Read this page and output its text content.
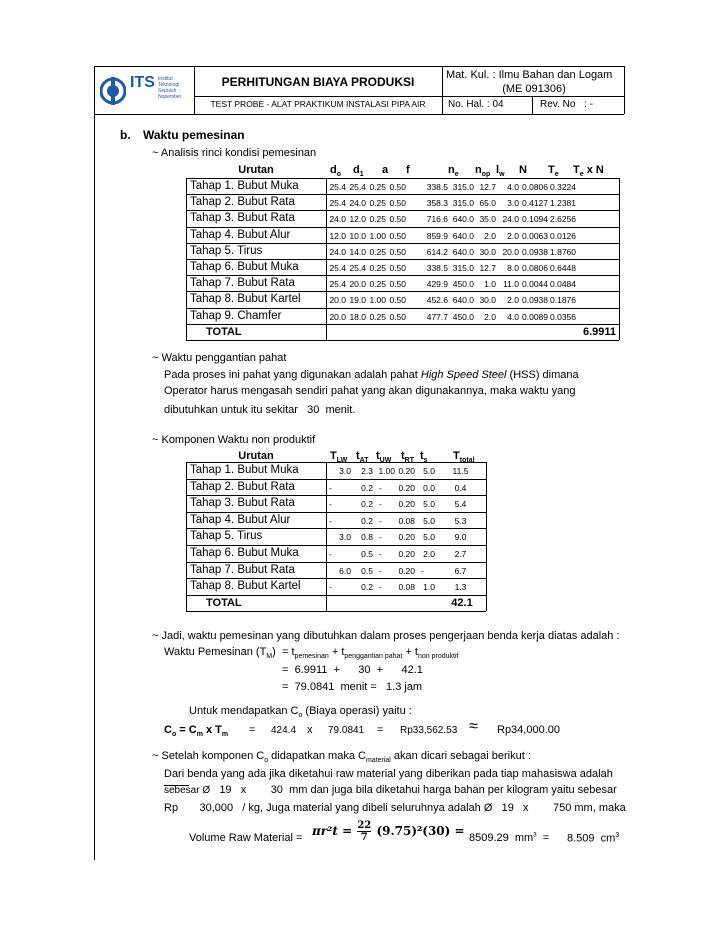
ITS Institut
Teknologi
Sepuluh Nopember
PERHITUNGAN BIAYA PRODUKSI
TEST PROBE - ALAT PRAKTIKUM INSTALASI PIPA AIR
Mat. Kul. : Ilmu Bahan dan Logam
(ME 091306)
No. Hal. : 04	Rev. No : -
b. Waktu pemesinan
~ Analisis rinci kondisi pemesinan
Urutan	$d_o$ $d_1$ a f	$n_e$ $n_{op}$ $l_w$ N $T_e$ $T_e$ x N
Tahap 1. Bubut Muka	25.4 25.4 0.25 0.50	338.5 315.0 12.7	4.0 0.0806 0.3224
Tahap 2. Bubut Rata	25.4 24.0 0.25 0.50	358.3 315.0 65.0	3.0 0.4127 1.2381
Tahap 3. Bubut Rata	24.0 12.0 0.25 0.50	716.6 640.0 35.0 24.0 0.1094 2.6256
Tahap 4. Bubut Alur	12.0 10.0 1.00 0.50	859.9 640.0	2.0	2.0 0.0063 0.0126
Tahap 5. Tirus	24.0 14.0 0.25 0.50	614.2 640.0 30.0 20.0 0.0938 1.8760
Tahap 6. Bubut Muka	25.4 25.4 0.25 0.50	338.5 315.0 12.7	8.0 0.0806 0.6448
Tahap 7. Bubut Rata	25.4 20.0 0.25 0.50	429.9 450.0	1.0 11.0 0.0044 0.0484
Tahap 8. Bubut Kartel	20.0 19.0 1.00 0.50	452.6 640.0 30.0	2.0 0.0938 0.1876
Tahap 9. Chamfer	20.0 18.0 0.25 0.50	477.7 450.0	2.0	4.0 0.0089 0.0356
TOTAL	6.9911
~ Waktu penggantian pahat
Pada proses ini pahat yang digunakan adalah pahat High Speed Steel (HSS) dimana
Operator harus mengasah sendiri pahat yang akan digunakannya, maka waktu yang
dibutuhkan untuk itu sekitar 30 menit.
~ Komponen Waktu non produktif
Urutan	$T_{LW}$ $t_{AT}$ $t_{UW}$ $t_{RT}$ $t_s$ $T_{total}$
Tahap 1. Bubut Muka	3.0	2.3 1.00 0.20 5.0	11.5
Tahap 2. Bubut Rata	-	0.2 - 0.20 0.0	0.4
Tahap 3. Bubut Rata	-	0.2 - 0.20 5.0	5.4
Tahap 4. Bubut Alur	-	0.2 - 0.08 5.0	5.3
Tahap 5. Tirus	3.0	0.8 - 0.20 5.0	9.0
Tahap 6. Bubut Muka	-	0.5 - 0.20 2.0	2.7
Tahap 7. Bubut Rata	6.0	0.5 - 0.20 -	6.7
Tahap 8. Bubut Kartel	-	0.2 - 0.08 1.0	1.3
TOTAL	42.1
~ Jadi, waktu pemesinan yang dibutuhkan dalam proses pengerjaan benda kerja diatas adalah :
Waktu Pemesinan $(T_M) = t_{pemesinan} + t_{penggantian pahat} + t_{non produktif}$
= 6.9911 + 30 + 42.1
= 79.0841 menit = 1.3 jam
Untuk mendapatkan $C_o$ (Biaya operasi) yaitu :
$C_o = C_m$ x $T_m = 424.4$ x 79.0841 = Rp33,562.53 ≈ Rp34,000.00
~ Setelah komponen $C_o$ didapatkan maka $C_{material}$ akan dicari sebagai berikut :
Dari benda yang ada jika diketahui raw material yang diberikan pada tiap mahasiswa adalah
sebesar Ø 19 x 30 mm dan juga bila diketahui harga bahan per kilogram yaitu sebesar
Rp 30,000 / kg, Juga material yang dibeli seluruhnya adalah Ø 19 x 750 mm, maka
Volume Raw Material = $\pi r^2t = \frac{22}{7} (9.75)^2(30) = 8509.29$ $mm^3 = 8.509$ $cm^3$
